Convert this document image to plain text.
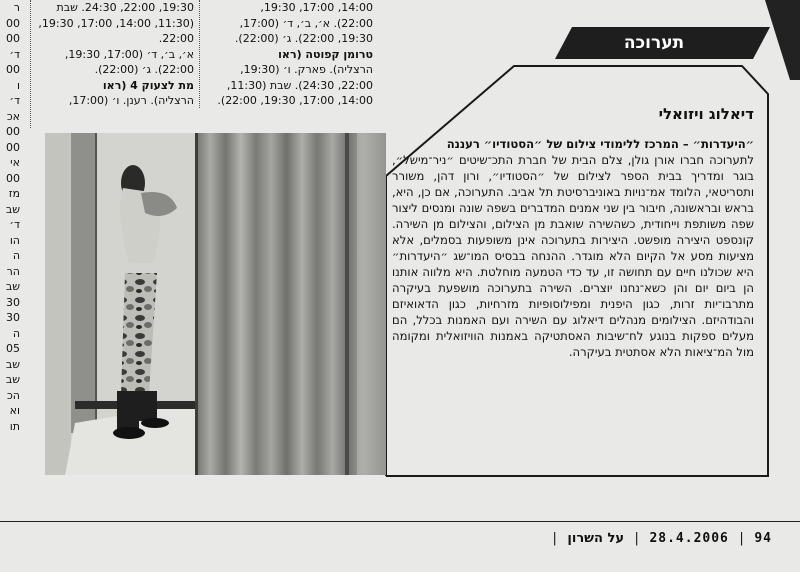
ר

00

00

ד׳

00

ו

ד׳

אכ

00

00

אי

00

מז

שב

ד׳

הו

ה

הר

שב

30

30

ה

05

שב

שב

הכ

וא

תו

19:30, 22:00, 24:30. שבת

(11:30, 14:00, 17:00, 19:30,

22:00.

א׳, ב׳, ד׳ (17:00, 19:30,

22:00). ג׳ (22:00).

מת לצעוק 4 (ראו

הרצליה). רענן. ו׳ (17:00,

14:00, 17:00, 19:30,

22:00). א׳, ב׳, ד׳ (17:00,

19:30, 22:00). ג׳ (22:00).

טרומן קפוטה (ראו

הרצליה). פארק. ו׳ (19:30,

22:00, 24:30). שבת (11:30,

14:00, 17:00, 19:30, 22:00).

תערוכה
דיאלוג ויזואלי
״היעדרות״ – המרכז ללימודי צילום של ״הסטודיו״ רעננה
לתערוכה חברו אורן גולן, צלם הבית של חברת התכ־שיטים ״ניר־מישל״, בוגר ומדריך בבית הספר לצילום של ״הסטודיו״, ורון דהן, משורר ותסריטאי, הלומד אמ־נויות באוניברסיטת תל אביב. התערוכה, אם כן, היא, בראש ובראשונה, חיבור בין שני אמנים המדברים בשפה שונה ומנסים ליצור שפה משותפת וייחודית, כשהשירה שואבת מן הצילום, והצילום מן השירה. קונספט היצירה מופשט. היצירות בתערוכה אינן משופעות בסמלים, אלא מציעות מסע אל הקיום הלא מוגדר. ההנחה בבסיס המו־שג ״היעדרות״ היא שכולנו חיים עם תחושה זו, עד כדי הטמעה מוחלטת. היא מלווה אותנו הן ביום יום והן כשא־נחנו יוצרים. השירה בתערוכה מושפעת בעיקרה מתרבו־יות זרות, כגון היפנית ומפילוסופיות מזרחיות, כגון הדאואיזם והבודהיזם. הצילומים מנהלים דיאלוג עם השירה ועם האמנות בכלל, הם מעלים ספקות בנוגע לח־שיבות האסתטיקה באמנות הוויזואלית ומקומה מול המ־ציאות הלא אסתטית בעיקרה.
94 | 28.4.2006 | על השרון |
